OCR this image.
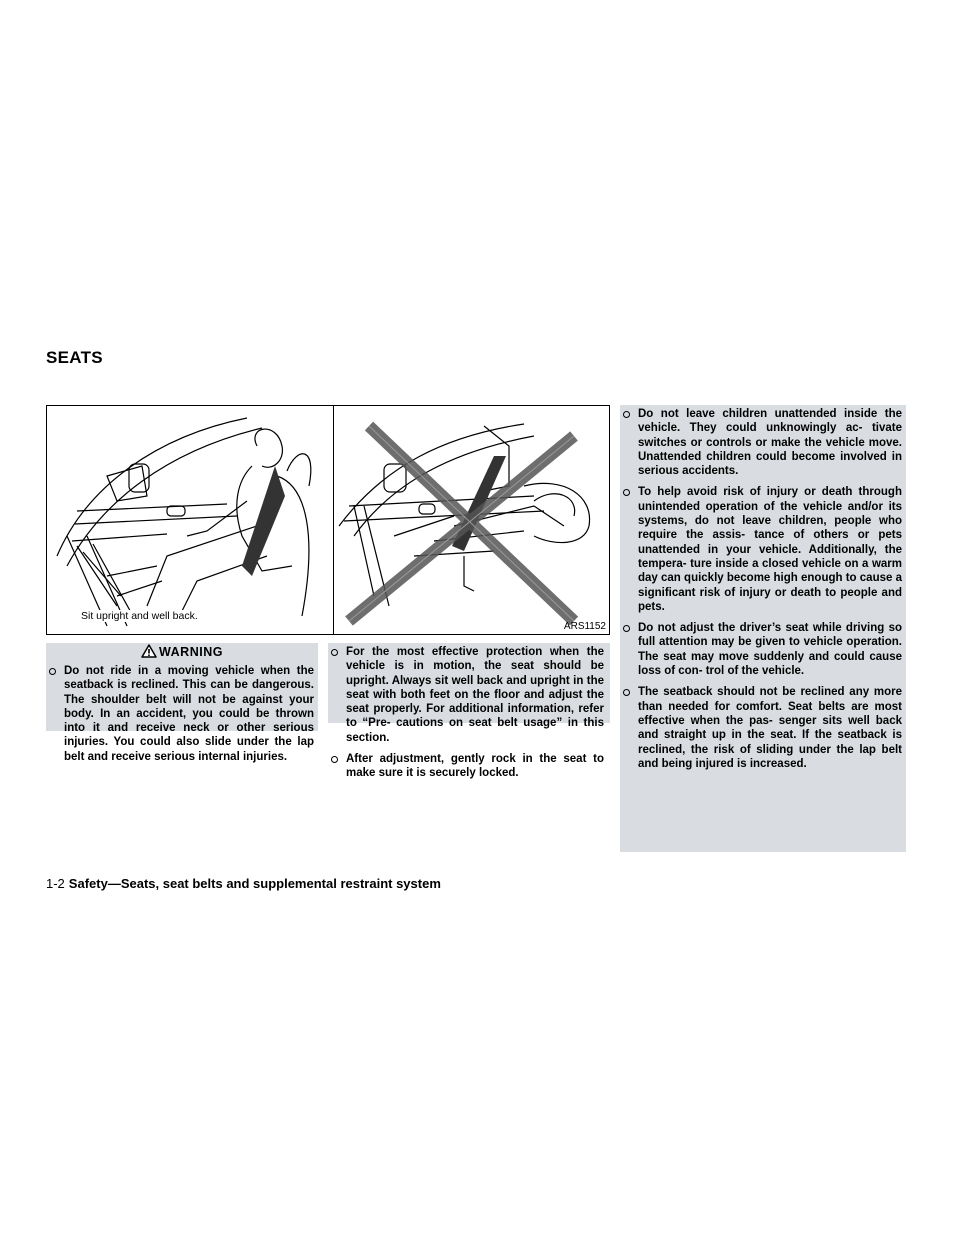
SEATS
Sit upright and well back.
ARS1152
WARNING
Do not ride in a moving vehicle when the seatback is reclined. This can be dangerous. The shoulder belt will not be against your body. In an accident, you could be thrown into it and receive neck or other serious injuries. You could also slide under the lap belt and receive serious internal injuries.
For the most effective protection when the vehicle is in motion, the seat should be upright. Always sit well back and upright in the seat with both feet on the floor and adjust the seat properly. For additional information, refer to “Pre- cautions on seat belt usage” in this section.
After adjustment, gently rock in the seat to make sure it is securely locked.
Do not leave children unattended inside the vehicle. They could unknowingly ac- tivate switches or controls or make the vehicle move. Unattended children could become involved in serious accidents.
To help avoid risk of injury or death through unintended operation of the vehicle and/or its systems, do not leave children, people who require the assis- tance of others or pets unattended in your vehicle. Additionally, the tempera- ture inside a closed vehicle on a warm day can quickly become high enough to cause a significant risk of injury or death to people and pets.
Do not adjust the driver’s seat while driving so full attention may be given to vehicle operation. The seat may move suddenly and could cause loss of con- trol of the vehicle.
The seatback should not be reclined any more than needed for comfort. Seat belts are most effective when the pas- senger sits well back and straight up in the seat. If the seatback is reclined, the risk of sliding under the lap belt and being injured is increased.
1-2 Safety—Seats, seat belts and supplemental restraint system
